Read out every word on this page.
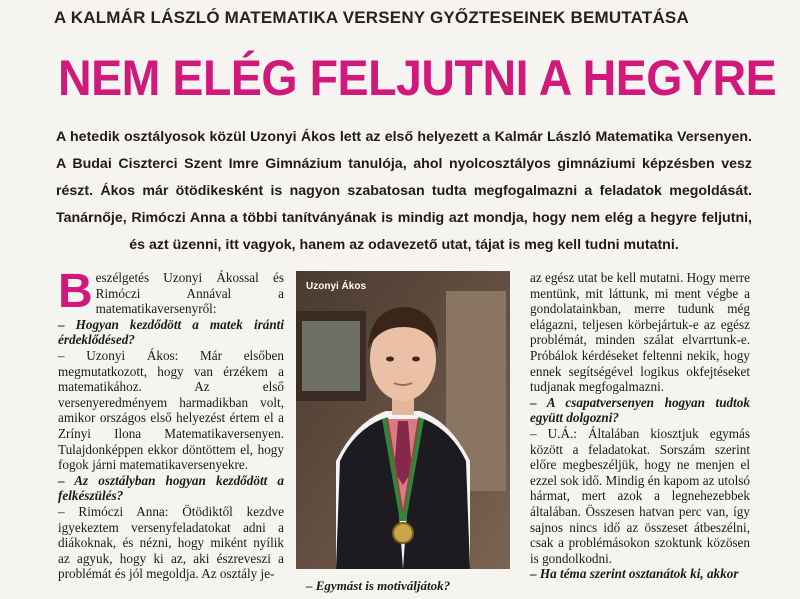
A KALMÁR LÁSZLÓ MATEMATIKA VERSENY GYŐZTESEINEK BEMUTATÁSA
NEM ELÉG FELJUTNI A HEGYRE
A hetedik osztályosok közül Uzonyi Ákos lett az első helyezett a Kalmár László Matematika Versenyen. A Budai Ciszterci Szent Imre Gimnázium tanulója, ahol nyolcosztályos gimnáziumi képzésben vesz részt. Ákos már ötödikesként is nagyon szabatosan tudta megfogalmazni a feladatok megoldását. Tanárnője, Rimóczi Anna a többi tanítványának is mindig azt mondja, hogy nem elég a hegyre feljutni, és azt üzenni, itt vagyok, hanem az odavezető utat, tájat is meg kell tudni mutatni.

Beszélgetés Uzonyi Ákossal és Rimóczi Annával a matematikaversenyről:

– Hogyan kezdődött a matek iránti érdeklődésed?

– Uzonyi Ákos: Már elsőben megmutatkozott, hogy van érzékem a matematikához. Az első versenyeredményem harmadikban volt, amikor országos első helyezést értem el a Zrínyi Ilona Matematikaversenyen. Tulajdonképpen ekkor döntöttem el, hogy fogok járni matematikaversenyekre.

– Az osztályban hogyan kezdődött a felkészülés?

– Rimóczi Anna: Ötödiktől kezdve igyekeztem versenyfeladatokat adni a diákoknak, és nézni, hogy miként nyílik az agyuk, hogy ki az, aki észreveszi a problémát és jól megoldja. Az osztály je-

Uzonyi Ákos
– Egymást is motiváljátok?

az egész utat be kell mutatni. Hogy merre mentünk, mit láttunk, mi ment végbe a gondolatainkban, merre tudunk még elágazni, teljesen körbejártuk-e az egész problémát, minden szálat elvarrtunk-e. Próbálok kérdéseket feltenni nekik, hogy ennek segítségével logikus okfejtéseket tudjanak megfogalmazni.

– A csapatversenyen hogyan tudtok együtt dolgozni?

– U.Á.: Általában kiosztjuk egymás között a feladatokat. Sorszám szerint előre megbeszéljük, hogy ne menjen el ezzel sok idő. Mindig én kapom az utolsó hármat, mert azok a legnehezebbek általában. Összesen hatvan perc van, így sajnos nincs idő az összeset átbeszélni, csak a problémásokon szoktunk közösen is gondolkodni.

– Ha téma szerint osztanátok ki, akkor
